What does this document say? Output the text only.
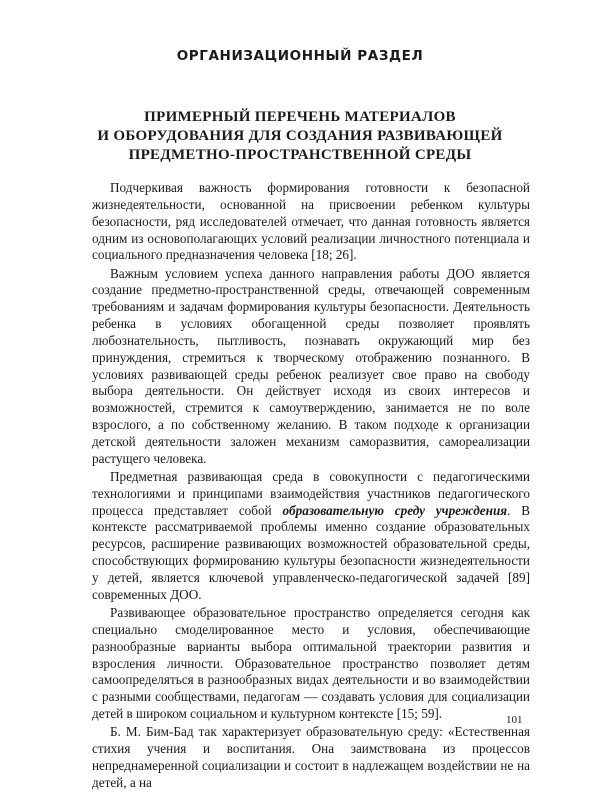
ОРГАНИЗАЦИОННЫЙ РАЗДЕЛ
ПРИМЕРНЫЙ ПЕРЕЧЕНЬ МАТЕРИАЛОВ
И ОБОРУДОВАНИЯ ДЛЯ СОЗДАНИЯ РАЗВИВАЮЩЕЙ
ПРЕДМЕТНО-ПРОСТРАНСТВЕННОЙ СРЕДЫ

Подчеркивая важность формирования готовности к безопасной жизнедеятельности, основанной на присвоении ребенком культуры безопасности, ряд исследователей отмечает, что данная готовность является одним из основополагающих условий реализации личностного потенциала и социального предназначения человека [18; 26].

Важным условием успеха данного направления работы ДОО является создание предметно-пространственной среды, отвечающей современным требованиям и задачам формирования культуры безопасности. Деятельность ребенка в условиях обогащенной среды позволяет проявлять любознательность, пытливость, познавать окружающий мир без принуждения, стремиться к творческому отображению познанного. В условиях развивающей среды ребенок реализует свое право на свободу выбора деятельности. Он действует исходя из своих интересов и возможностей, стремится к самоутверждению, занимается не по воле взрослого, а по собственному желанию. В таком подходе к организации детской деятельности заложен механизм саморазвития, самореализации растущего человека.

Предметная развивающая среда в совокупности с педагогическими технологиями и принципами взаимодействия участников педагогического процесса представляет собой образовательную среду учреждения. В контексте рассматриваемой проблемы именно создание образовательных ресурсов, расширение развивающих возможностей образовательной среды, способствующих формированию культуры безопасности жизнедеятельности у детей, является ключевой управленческо-педагогической задачей [89] современных ДОО.

Развивающее образовательное пространство определяется сегодня как специально смоделированное место и условия, обеспечивающие разнообразные варианты выбора оптимальной траектории развития и взросления личности. Образовательное пространство позволяет детям самоопределяться в разнообразных видах деятельности и во взаимодействии с разными сообществами, педагогам — создавать условия для социализации детей в широком социальном и культурном контексте [15; 59].

Б. М. Бим-Бад так характеризует образовательную среду: «Естественная стихия учения и воспитания. Она заимствована из процессов непреднамеренной социализации и состоит в надлежащем воздействии не на детей, а на

101
